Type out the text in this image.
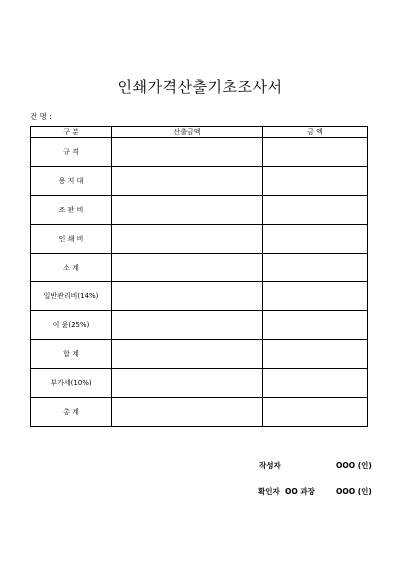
인쇄가격산출기초조사서
건 명 :
구 분	산출금액	금 액
규 격		
용 지 대		
조 판 비		
인 쇄 비		
소 계		
일반관리비(14%)		
이 윤(25%)		
합 계		
부가세(10%)		
총 계		
작성자	OOO (인)
확인자  OO 과장	OOO (인)
